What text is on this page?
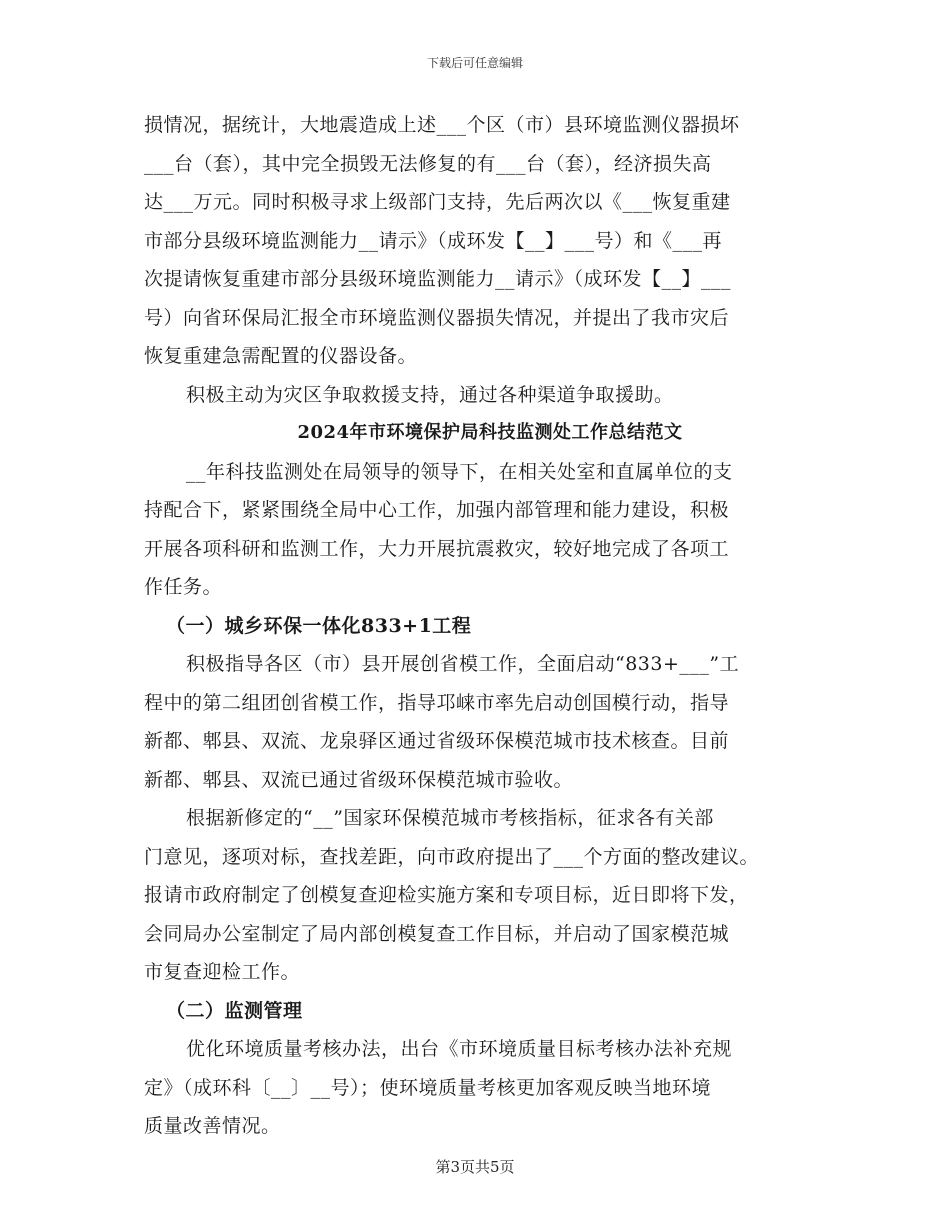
下载后可任意编辑
损情况，据统计，大地震造成上述___个区（市）县环境监测仪器损坏
___台（套），其中完全损毁无法修复的有___台（套），经济损失高
达___万元。同时积极寻求上级部门支持，先后两次以《___恢复重建
市部分县级环境监测能力__请示》（成环发【__】___号）和《___再
次提请恢复重建市部分县级环境监测能力__请示》（成环发【__】___
号）向省环保局汇报全市环境监测仪器损失情况，并提出了我市灾后
恢复重建急需配置的仪器设备。
积极主动为灾区争取救援支持，通过各种渠道争取援助。
2024年市环境保护局科技监测处工作总结范文
__年科技监测处在局领导的领导下，在相关处室和直属单位的支
持配合下，紧紧围绕全局中心工作，加强内部管理和能力建设，积极
开展各项科研和监测工作，大力开展抗震救灾，较好地完成了各项工
作任务。
（一）城乡环保一体化833+1工程
积极指导各区（市）县开展创省模工作，全面启动“833+___”工
程中的第二组团创省模工作，指导邛崃市率先启动创国模行动，指导
新都、郫县、双流、龙泉驿区通过省级环保模范城市技术核查。目前
新都、郫县、双流已通过省级环保模范城市验收。
根据新修定的“__”国家环保模范城市考核指标，征求各有关部
门意见，逐项对标，查找差距，向市政府提出了___个方面的整改建议。
报请市政府制定了创模复查迎检实施方案和专项目标，近日即将下发，
会同局办公室制定了局内部创模复查工作目标，并启动了国家模范城
市复查迎检工作。
（二）监测管理
优化环境质量考核办法，出台《市环境质量目标考核办法补充规
定》（成环科〔__〕__号）；使环境质量考核更加客观反映当地环境
质量改善情况。
第3页共5页
